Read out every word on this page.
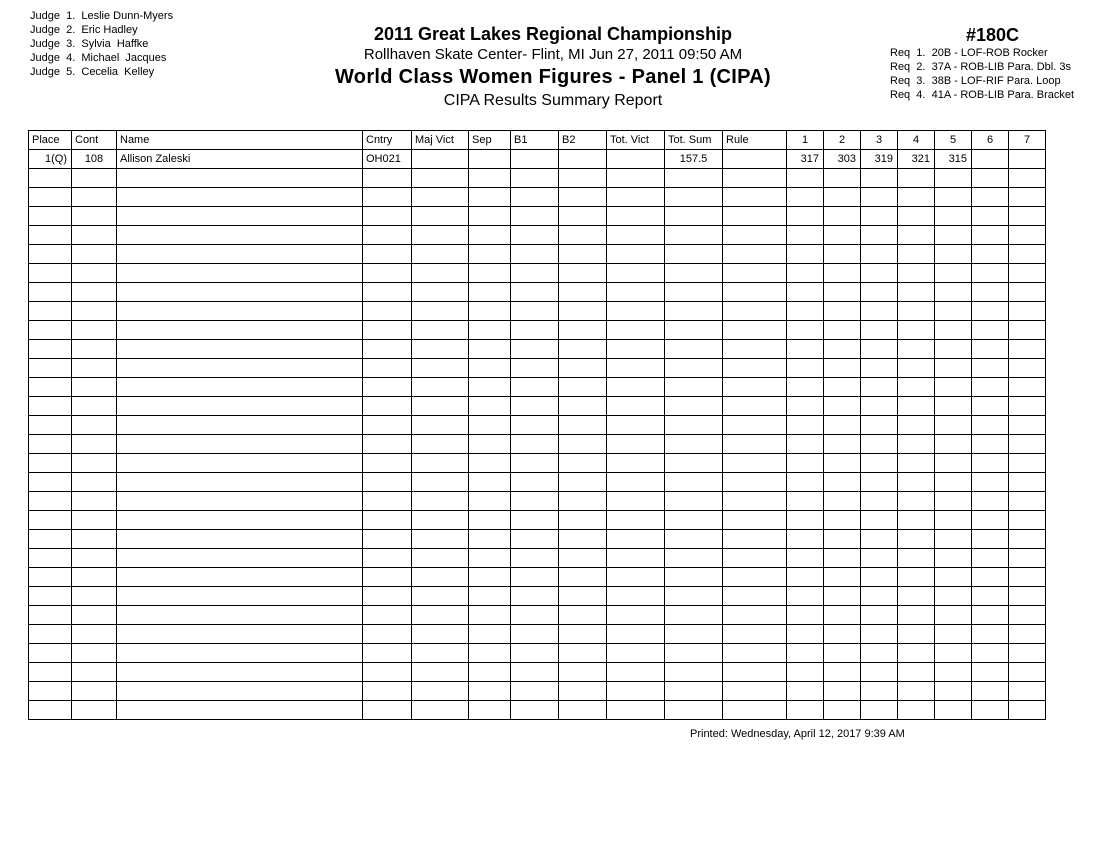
Judge  1.  Leslie Dunn-Myers
Judge  2.  Eric Hadley
Judge  3.  Sylvia  Haffke
Judge  4.  Michael  Jacques
Judge  5.  Cecelia  Kelley
2011 Great Lakes Regional Championship
Rollhaven Skate Center- Flint, MI Jun 27, 2011 09:50 AM
World Class Women Figures - Panel 1 (CIPA)
CIPA Results Summary Report
#180C
Req  1.  20B - LOF-ROB Rocker
Req  2.  37A - ROB-LIB Para. Dbl. 3s
Req  3.  38B - LOF-RIF Para. Loop
Req  4.  41A - ROB-LIB Para. Bracket
Place	Cont	Name	Cntry	Maj Vict	Sep	B1	B2	Tot. Vict	Tot. Sum	Rule	1	2	3	4	5	6	7
1(Q)	108	Allison Zaleski	OH021						157.5		317	303	319	321	315		

Printed: Wednesday, April 12, 2017 9:39 AM
